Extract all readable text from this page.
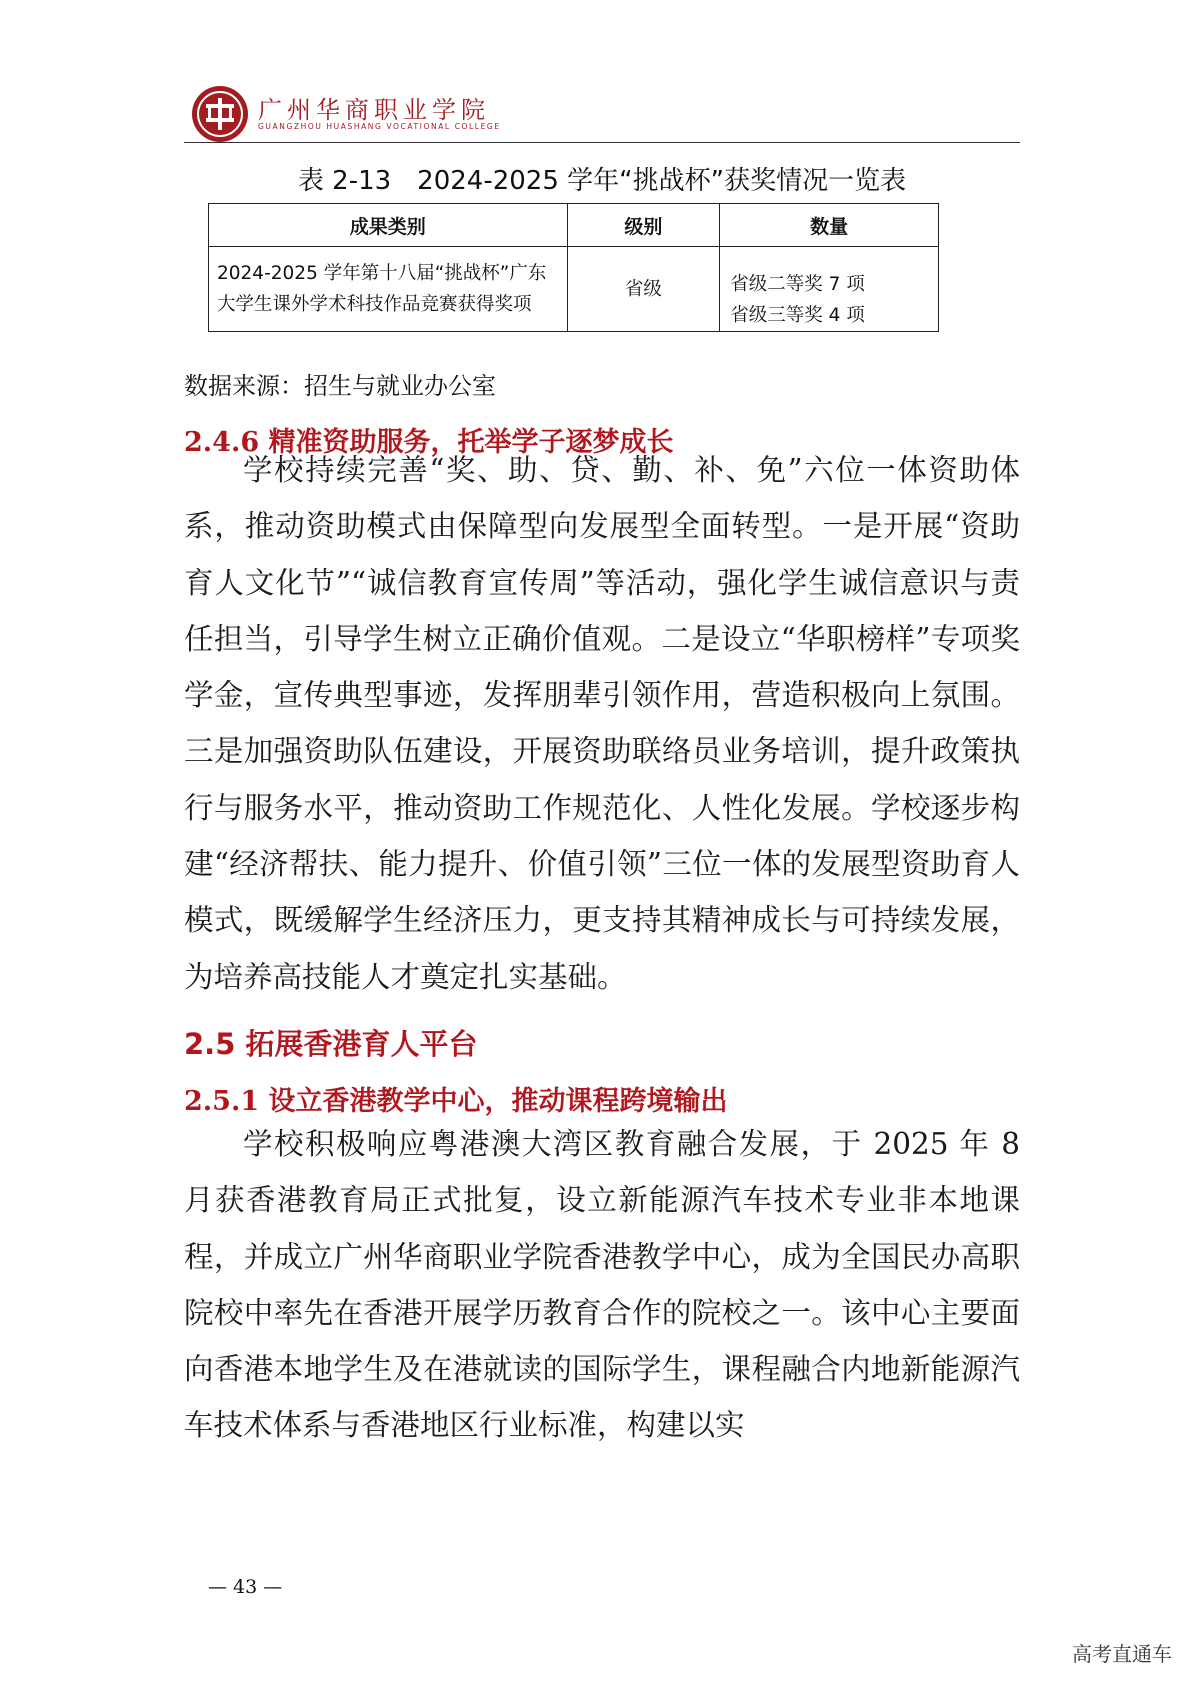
广州华商职业学院
GUANGZHOU HUASHANG VOCATIONAL COLLEGE
表 2-13　2024-2025 学年“挑战杯”获奖情况一览表
成果类别	级别	数量
2024-2025 学年第十八届“挑战杯”广东大学生课外学术科技作品竞赛获得奖项	省级	省级二等奖 7 项
省级三等奖 4 项
数据来源：招生与就业办公室
2.4.6 精准资助服务，托举学子逐梦成长

学校持续完善“奖、助、贷、勤、补、免”六位一体资助体系，推动资助模式由保障型向发展型全面转型。一是开展“资助育人文化节”“诚信教育宣传周”等活动，强化学生诚信意识与责任担当，引导学生树立正确价值观。二是设立“华职榜样”专项奖学金，宣传典型事迹，发挥朋辈引领作用，营造积极向上氛围。三是加强资助队伍建设，开展资助联络员业务培训，提升政策执行与服务水平，推动资助工作规范化、人性化发展。学校逐步构建“经济帮扶、能力提升、价值引领”三位一体的发展型资助育人模式，既缓解学生经济压力，更支持其精神成长与可持续发展，为培养高技能人才奠定扎实基础。

2.5 拓展香港育人平台
2.5.1 设立香港教学中心，推动课程跨境输出

学校积极响应粤港澳大湾区教育融合发展，于 2025 年 8 月获香港教育局正式批复，设立新能源汽车技术专业非本地课程，并成立广州华商职业学院香港教学中心，成为全国民办高职院校中率先在香港开展学历教育合作的院校之一。该中心主要面向香港本地学生及在港就读的国际学生，课程融合内地新能源汽车技术体系与香港地区行业标准，构建以实

— 43 —
高考直通车
